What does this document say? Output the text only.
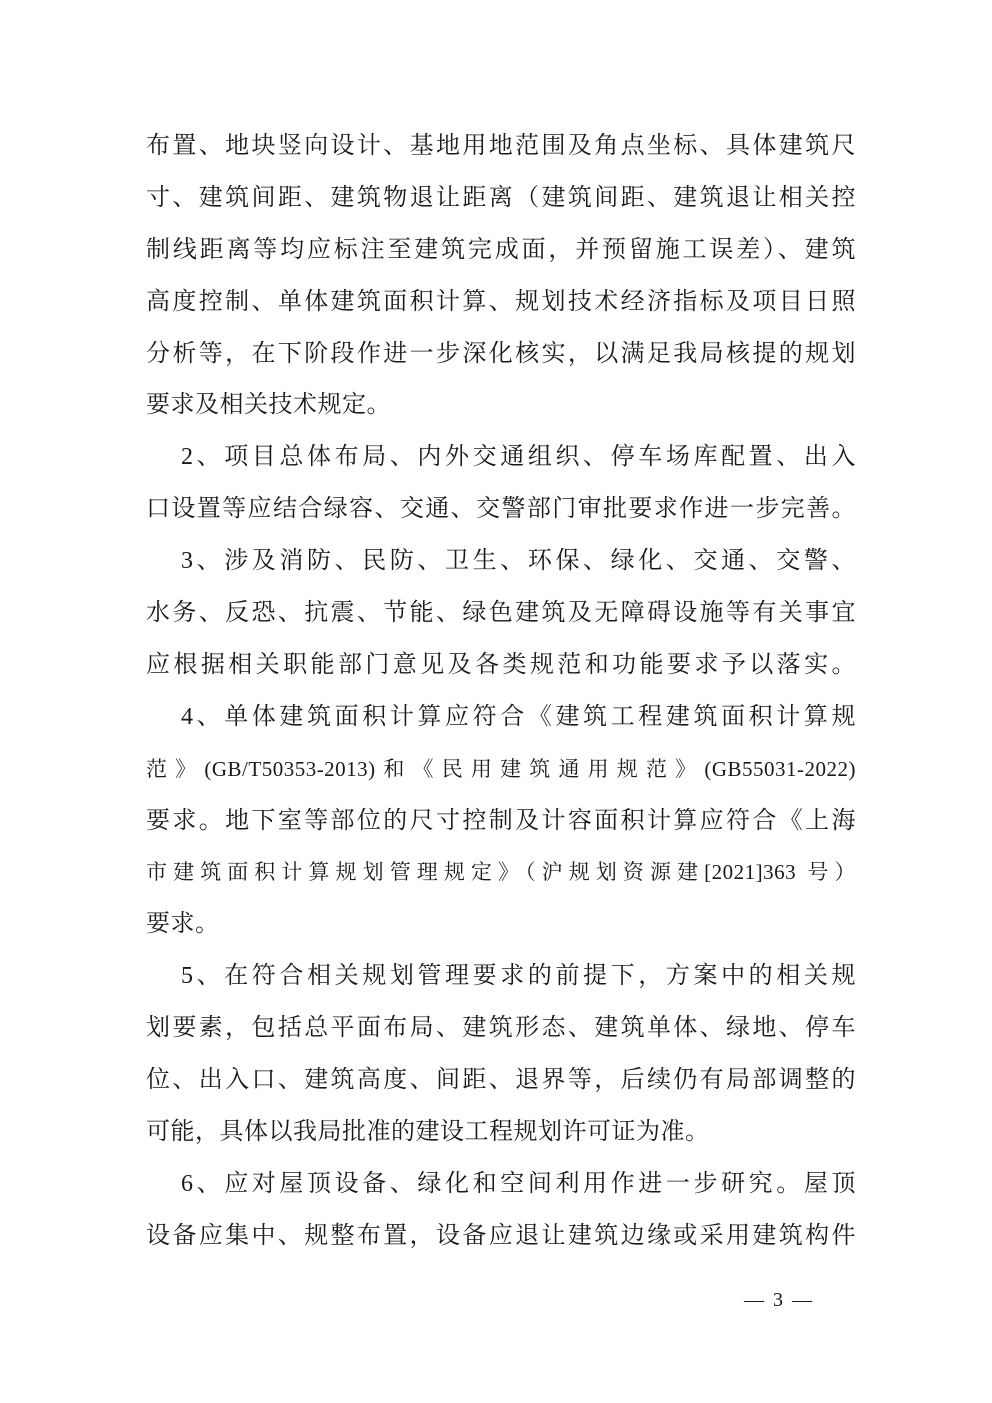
布置、地块竖向设计、基地用地范围及角点坐标、具体建筑尺
寸、建筑间距、建筑物退让距离（建筑间距、建筑退让相关控
制线距离等均应标注至建筑完成面，并预留施工误差）、建筑
高度控制、单体建筑面积计算、规划技术经济指标及项目日照
分析等，在下阶段作进一步深化核实，以满足我局核提的规划
要求及相关技术规定。
2、项目总体布局、内外交通组织、停车场库配置、出入
口设置等应结合绿容、交通、交警部门审批要求作进一步完善。
3、涉及消防、民防、卫生、环保、绿化、交通、交警、
水务、反恐、抗震、节能、绿色建筑及无障碍设施等有关事宜
应根据相关职能部门意见及各类规范和功能要求予以落实。
4、单体建筑面积计算应符合《建筑工程建筑面积计算规
范》(GB/T50353-2013)和《民用建筑通用规范》(GB55031-2022)
要求。地下室等部位的尺寸控制及计容面积计算应符合《上海
市建筑面积计算规划管理规定》（沪规划资源建[2021]363 号）
要求。
5、在符合相关规划管理要求的前提下，方案中的相关规
划要素，包括总平面布局、建筑形态、建筑单体、绿地、停车
位、出入口、建筑高度、间距、退界等，后续仍有局部调整的
可能，具体以我局批准的建设工程规划许可证为准。
6、应对屋顶设备、绿化和空间利用作进一步研究。屋顶
设备应集中、规整布置，设备应退让建筑边缘或采用建筑构件
— 3 —
